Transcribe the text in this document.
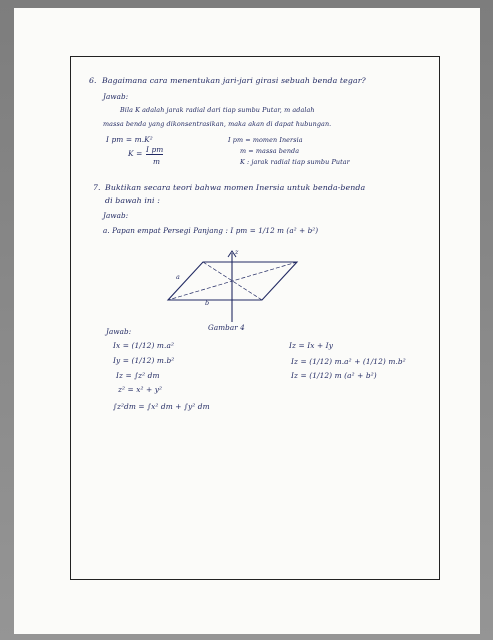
6. Bagaimana cara menentukan jari-jari girasi sebuah benda tegar?
Jawab:
Bila K adalah jarak radial dari tiap sumbu Putar, m adalah
massa benda yang dikonsentrasikan, maka akan di dapat hubungan.
I pm = m.K²
K = I pm
m
I pm = momen Inersia
m = massa benda
K : jarak radial tiap sumbu Putar
7. Buktikan secara teori bahwa momen Inersia untuk benda-benda
di bawah ini :
Jawab:
a. Papan empat Persegi Panjang : I pm = 1/12 m (a² + b²)
z
a
b
Gambar 4
Jawab:
Ix = (1/12) m.a²
Iy = (1/12) m.b²
Iz = ∫z² dm
z² = x² + y²
∫z²dm = ∫x² dm + ∫y² dm
Iz = Ix + Iy
Iz = (1/12) m.a² + (1/12) m.b²
Iz = (1/12) m (a² + b²)
